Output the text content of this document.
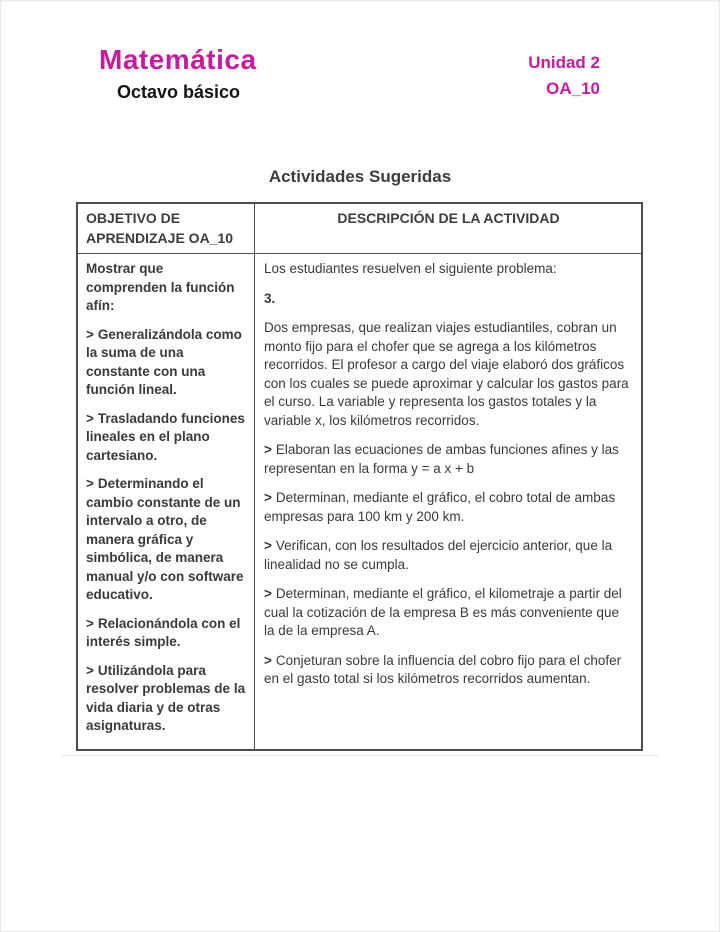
Matemática
Octavo básico
Unidad 2
OA_10
Actividades Sugeridas
OBJETIVO DE APRENDIZAJE OA_10
DESCRIPCIÓN DE LA ACTIVIDAD

Mostrar que comprenden la función afín:

> Generalizándola como la suma de una constante con una función lineal.

> Trasladando funciones lineales en el plano cartesiano.

> Determinando el cambio constante de un intervalo a otro, de manera gráfica y simbólica, de manera manual y/o con software educativo.

> Relacionándola con el interés simple.

> Utilizándola para resolver problemas de la vida diaria y de otras asignaturas.

Los estudiantes resuelven el siguiente problema:

3.

Dos empresas, que realizan viajes estudiantiles, cobran un monto fijo para el chofer que se agrega a los kilómetros recorridos. El profesor a cargo del viaje elaboró dos gráficos con los cuales se puede aproximar y calcular los gastos para el curso. La variable y representa los gastos totales y la variable x, los kilómetros recorridos.

> Elaboran las ecuaciones de ambas funciones afines y las representan en la forma y = a x + b

> Determinan, mediante el gráfico, el cobro total de ambas empresas para 100 km y 200 km.

> Verifican, con los resultados del ejercicio anterior, que la linealidad no se cumpla.

> Determinan, mediante el gráfico, el kilometraje a partir del cual la cotización de la empresa B es más conveniente que la de la empresa A.

> Conjeturan sobre la influencia del cobro fijo para el chofer en el gasto total si los kilómetros recorridos aumentan.
